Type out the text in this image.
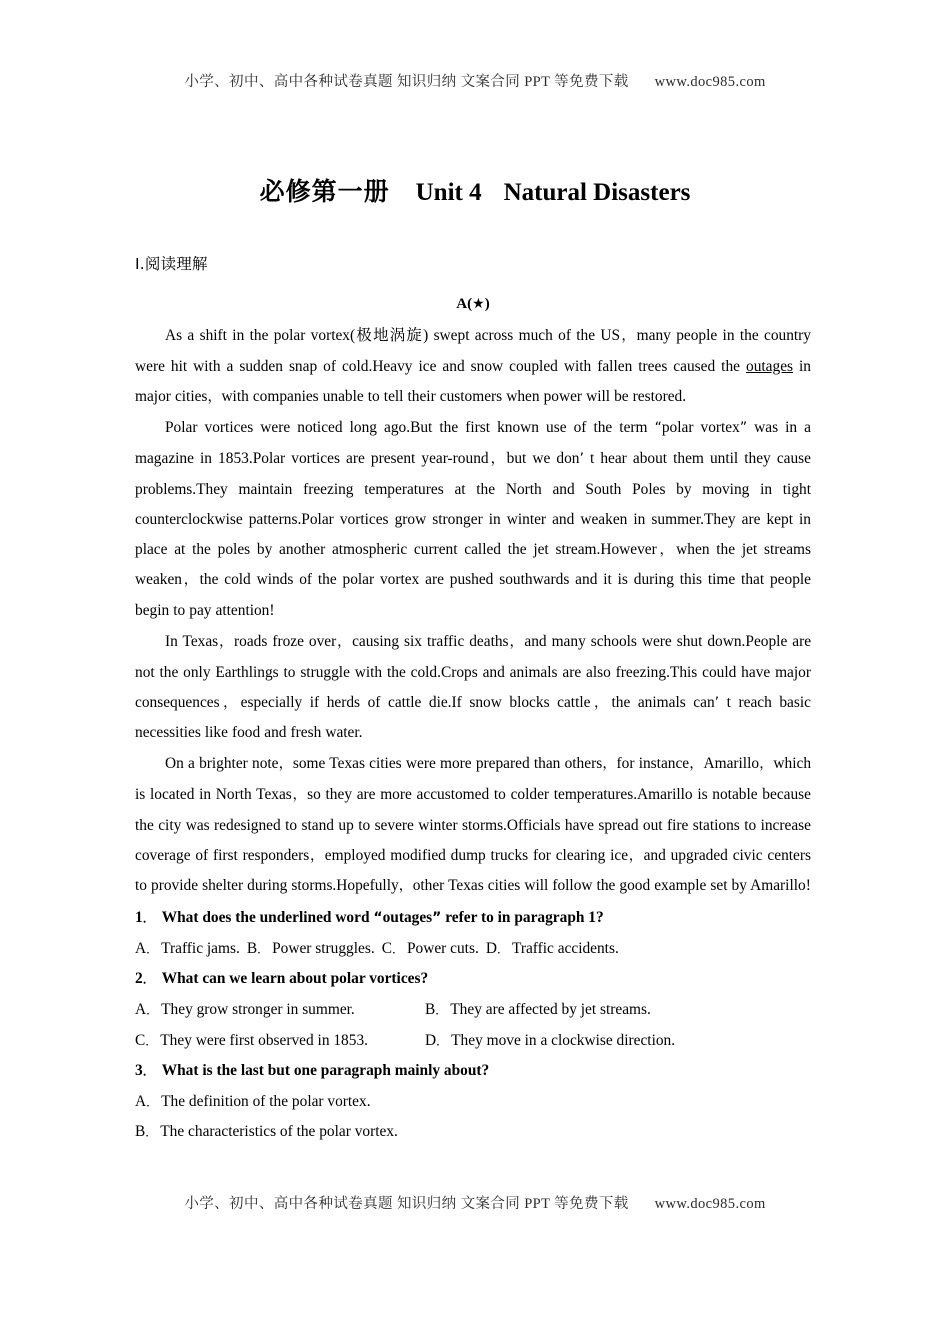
小学、初中、高中各种试卷真题 知识归纳 文案合同 PPT 等免费下载 www.doc985.com
必修第一册 Unit 4 Natural Disasters
Ⅰ.阅读理解
A(★)

As a shift in the polar vortex(极地涡旋) swept across much of the US，many people in the country were hit with a sudden snap of cold.Heavy ice and snow coupled with fallen trees caused the outages in major cities，with companies unable to tell their customers when power will be restored.

Polar vortices were noticed long ago.But the first known use of the term “polar vortex” was in a magazine in 1853.Polar vortices are present year-round，but we don’ t hear about them until they cause problems.They maintain freezing temperatures at the North and South Poles by moving in tight counterclockwise patterns.Polar vortices grow stronger in winter and weaken in summer.They are kept in place at the poles by another atmospheric current called the jet stream.However，when the jet streams weaken，the cold winds of the polar vortex are pushed southwards and it is during this time that people begin to pay attention!

In Texas，roads froze over，causing six traffic deaths，and many schools were shut down.People are not the only Earthlings to struggle with the cold.Crops and animals are also freezing.This could have major consequences，especially if herds of cattle die.If snow blocks cattle，the animals can’ t reach basic necessities like food and fresh water.

On a brighter note，some Texas cities were more prepared than others，for instance，Amarillo，which is located in North Texas，so they are more accustomed to colder temperatures.Amarillo is notable because the city was redesigned to stand up to severe winter storms.Officials have spread out fire stations to increase coverage of first responders，employed modified dump trucks for clearing ice，and upgraded civic centers to provide shelter during storms.Hopefully，other Texas cities will follow the good example set by Amarillo!

1． What does the underlined word “outages” refer to in paragraph 1?

A． Traffic jams. B． Power struggles. C． Power cuts. D． Traffic accidents.

2． What can we learn about polar vortices?

A． They grow stronger in summer.	B． They are affected by jet streams.
C． They were first observed in 1853.	D． They move in a clockwise direction.

3． What is the last but one paragraph mainly about?

A． The definition of the polar vortex.

B． The characteristics of the polar vortex.

小学、初中、高中各种试卷真题 知识归纳 文案合同 PPT 等免费下载 www.doc985.com
